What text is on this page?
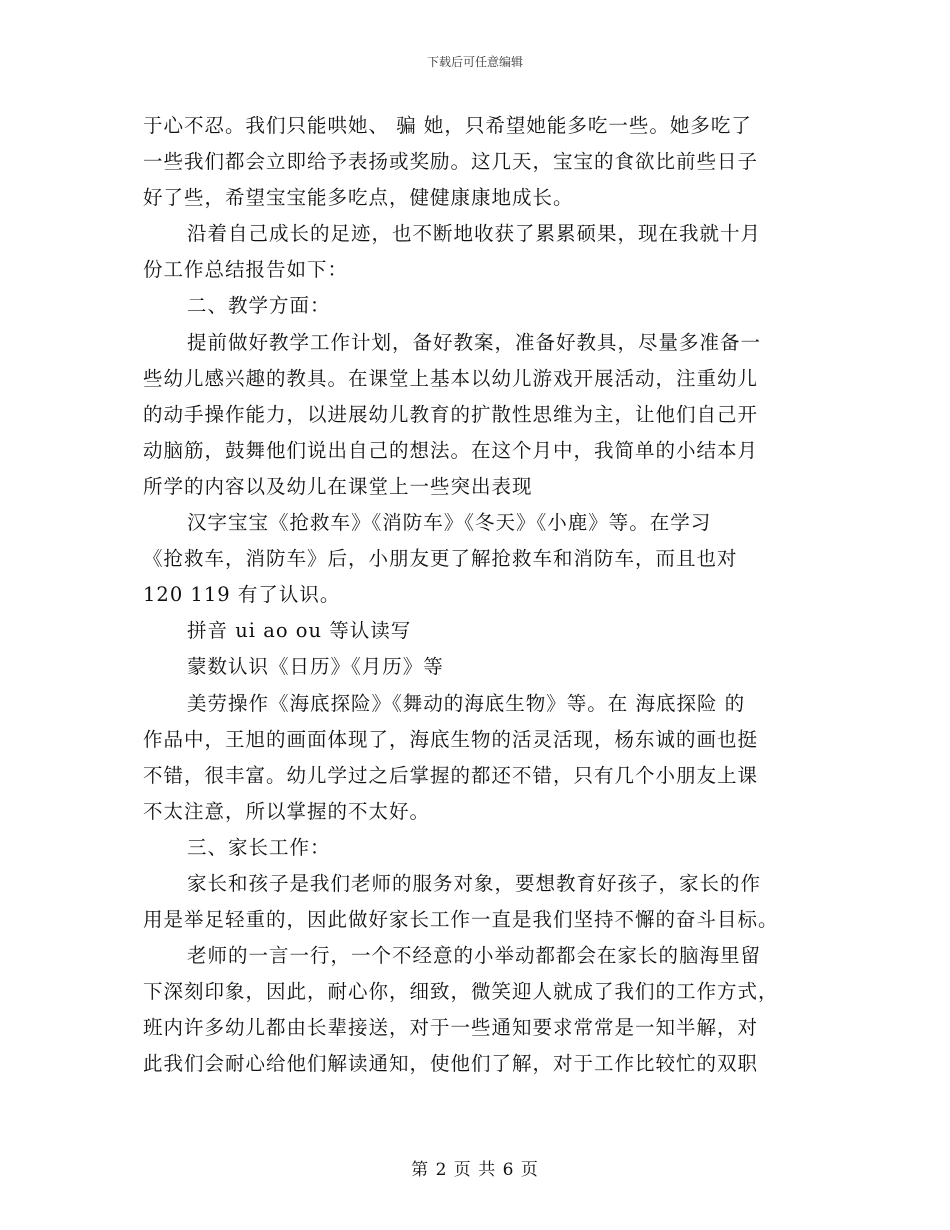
下载后可任意编辑
于心不忍。我们只能哄她、 骗 她，只希望她能多吃一些。她多吃了
一些我们都会立即给予表扬或奖励。这几天，宝宝的食欲比前些日子
好了些，希望宝宝能多吃点，健健康康地成长。
沿着自己成长的足迹，也不断地收获了累累硕果，现在我就十月
份工作总结报告如下：
二、教学方面：
提前做好教学工作计划，备好教案，准备好教具，尽量多准备一
些幼儿感兴趣的教具。在课堂上基本以幼儿游戏开展活动，注重幼儿
的动手操作能力，以进展幼儿教育的扩散性思维为主，让他们自己开
动脑筋，鼓舞他们说出自己的想法。在这个月中，我简单的小结本月
所学的内容以及幼儿在课堂上一些突出表现
汉字宝宝《抢救车》《消防车》《冬天》《小鹿》等。在学习
《抢救车，消防车》后，小朋友更了解抢救车和消防车，而且也对
120 119 有了认识。
拼音 ui ao ou 等认读写
蒙数认识《日历》《月历》等
美劳操作《海底探险》《舞动的海底生物》等。在 海底探险 的
作品中，王旭的画面体现了，海底生物的活灵活现，杨东诚的画也挺
不错，很丰富。幼儿学过之后掌握的都还不错，只有几个小朋友上课
不太注意，所以掌握的不太好。
三、家长工作：
家长和孩子是我们老师的服务对象，要想教育好孩子，家长的作
用是举足轻重的，因此做好家长工作一直是我们坚持不懈的奋斗目标。
老师的一言一行，一个不经意的小举动都都会在家长的脑海里留
下深刻印象，因此，耐心你，细致，微笑迎人就成了我们的工作方式，
班内许多幼儿都由长辈接送，对于一些通知要求常常是一知半解，对
此我们会耐心给他们解读通知，使他们了解，对于工作比较忙的双职
第 2 页 共 6 页
